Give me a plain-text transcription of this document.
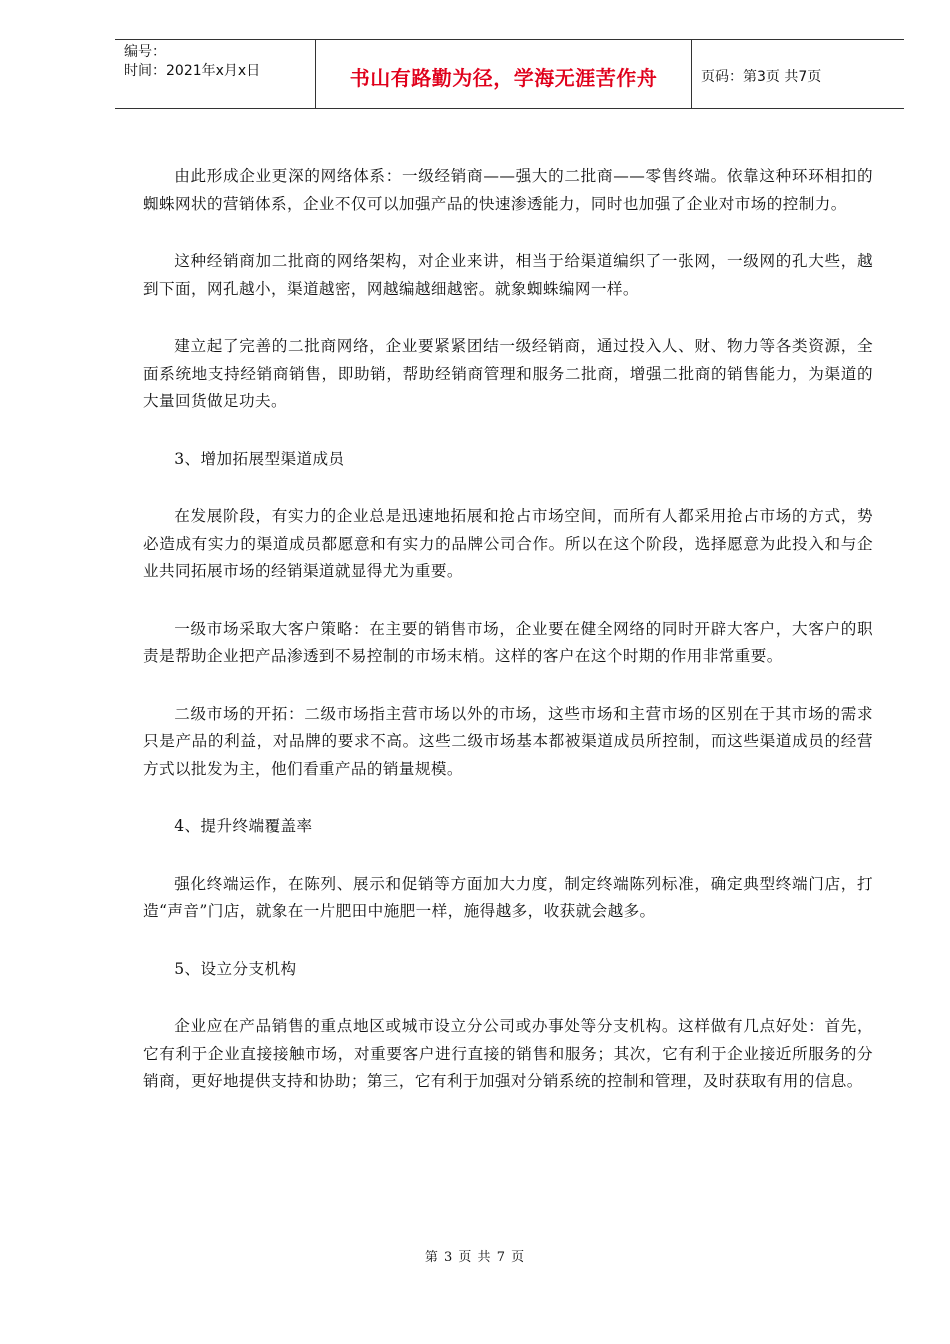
编号：
时间：2021年x月x日	书山有路勤为径，学海无涯苦作舟	页码：第3页 共7页

由此形成企业更深的网络体系：一级经销商——强大的二批商——零售终端。依靠这种环环相扣的蜘蛛网状的营销体系，企业不仅可以加强产品的快速渗透能力，同时也加强了企业对市场的控制力。

这种经销商加二批商的网络架构，对企业来讲，相当于给渠道编织了一张网，一级网的孔大些，越到下面，网孔越小，渠道越密，网越编越细越密。就象蜘蛛编网一样。

建立起了完善的二批商网络，企业要紧紧团结一级经销商，通过投入人、财、物力等各类资源，全面系统地支持经销商销售，即助销，帮助经销商管理和服务二批商，增强二批商的销售能力，为渠道的大量回货做足功夫。

3、增加拓展型渠道成员

在发展阶段，有实力的企业总是迅速地拓展和抢占市场空间，而所有人都采用抢占市场的方式，势必造成有实力的渠道成员都愿意和有实力的品牌公司合作。所以在这个阶段，选择愿意为此投入和与企业共同拓展市场的经销渠道就显得尤为重要。

一级市场采取大客户策略：在主要的销售市场，企业要在健全网络的同时开辟大客户，大客户的职责是帮助企业把产品渗透到不易控制的市场末梢。这样的客户在这个时期的作用非常重要。

二级市场的开拓：二级市场指主营市场以外的市场，这些市场和主营市场的区别在于其市场的需求只是产品的利益，对品牌的要求不高。这些二级市场基本都被渠道成员所控制，而这些渠道成员的经营方式以批发为主，他们看重产品的销量规模。

4、提升终端覆盖率

强化终端运作，在陈列、展示和促销等方面加大力度，制定终端陈列标准，确定典型终端门店，打造“声音”门店，就象在一片肥田中施肥一样，施得越多，收获就会越多。

5、设立分支机构

企业应在产品销售的重点地区或城市设立分公司或办事处等分支机构。这样做有几点好处：首先，它有利于企业直接接触市场，对重要客户进行直接的销售和服务；其次，它有利于企业接近所服务的分销商，更好地提供支持和协助；第三，它有利于加强对分销系统的控制和管理，及时获取有用的信息。

第 3 页 共 7 页
